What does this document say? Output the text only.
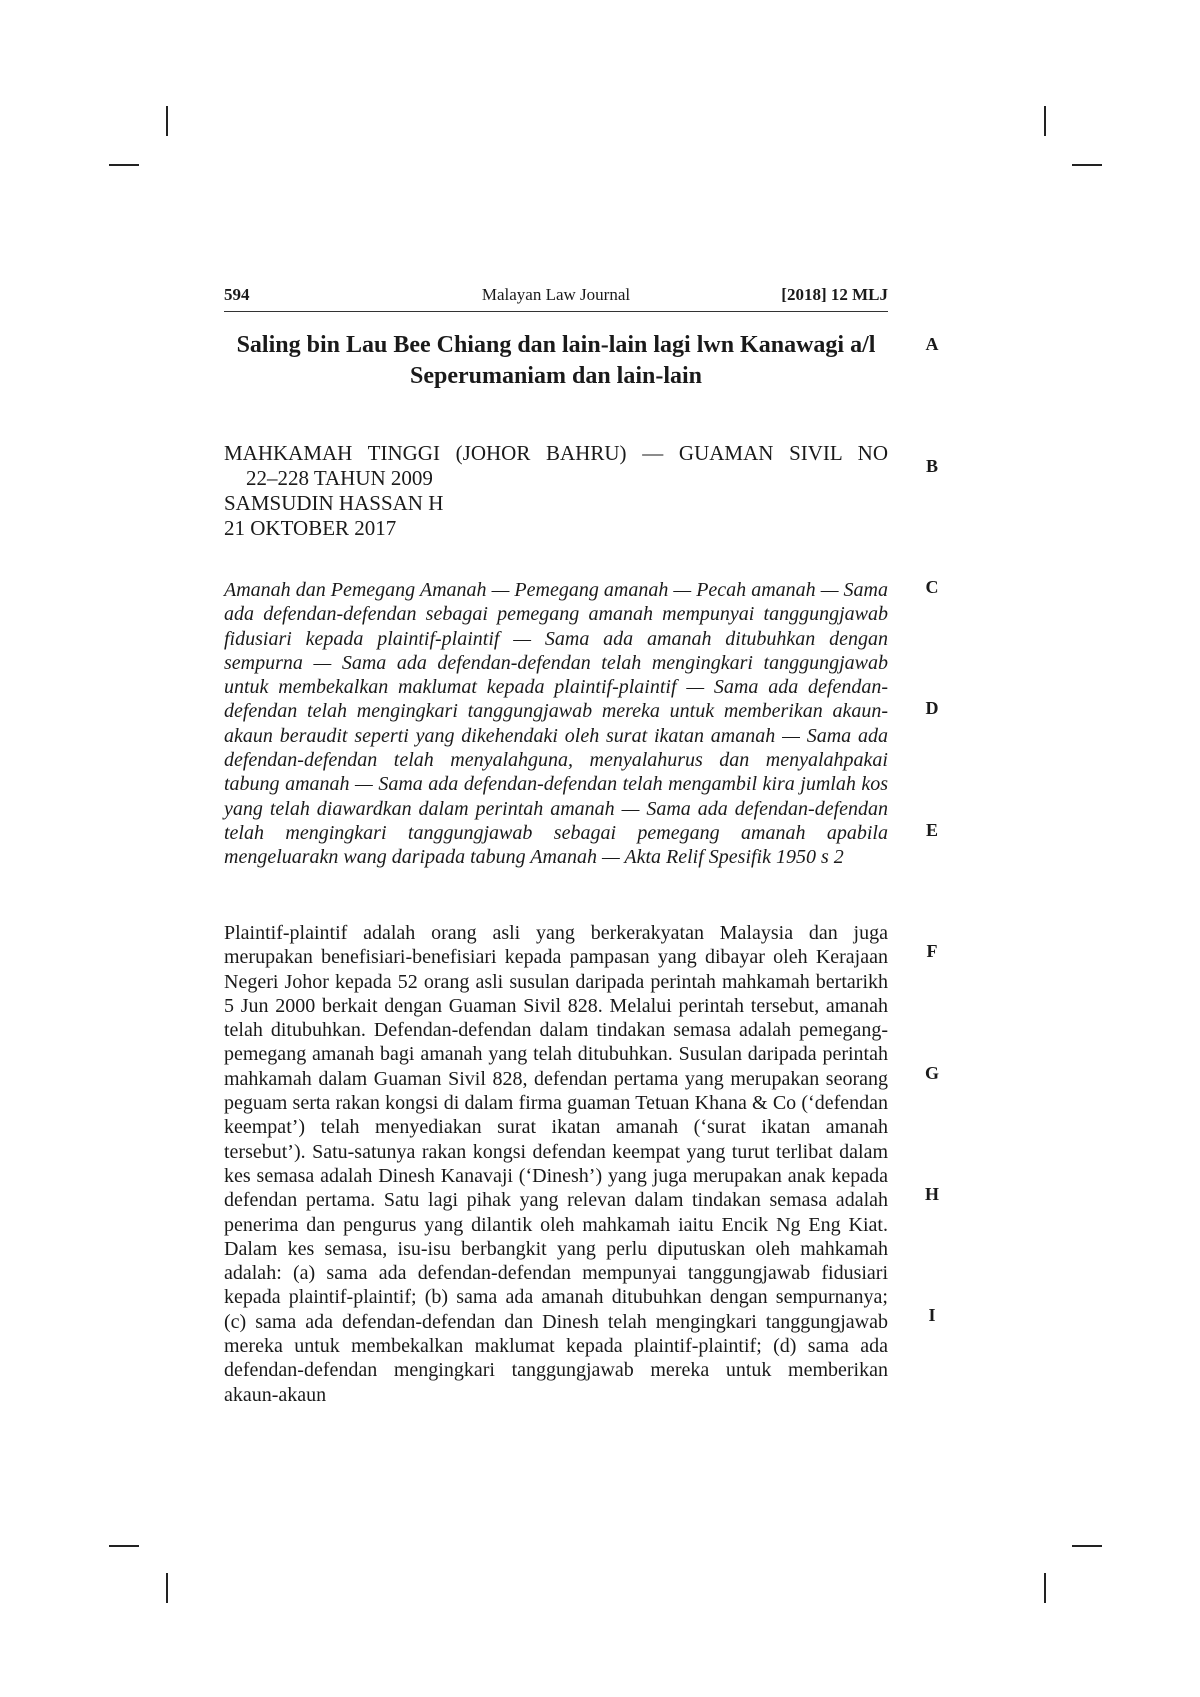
Malayan Law Journal
594	[2018] 12 MLJ
Saling bin Lau Bee Chiang dan lain-lain lagi lwn Kanawagi a/l Seperumaniam dan lain-lain
MAHKAMAH TINGGI (JOHOR BAHRU) — GUAMAN SIVIL NO
22–228 TAHUN 2009
SAMSUDIN HASSAN H
21 OKTOBER 2017

Amanah dan Pemegang Amanah — Pemegang amanah — Pecah amanah — Sama ada defendan-defendan sebagai pemegang amanah mempunyai tanggungjawab fidusiari kepada plaintif-plaintif — Sama ada amanah ditubuhkan dengan sempurna — Sama ada defendan-defendan telah mengingkari tanggungjawab untuk membekalkan maklumat kepada plaintif-plaintif — Sama ada defendan-defendan telah mengingkari tanggungjawab mereka untuk memberikan akaun-akaun beraudit seperti yang dikehendaki oleh surat ikatan amanah — Sama ada defendan-defendan telah menyalahguna, menyalahurus dan menyalahpakai tabung amanah — Sama ada defendan-defendan telah mengambil kira jumlah kos yang telah diawardkan dalam perintah amanah — Sama ada defendan-defendan telah mengingkari tanggungjawab sebagai pemegang amanah apabila mengeluarakn wang daripada tabung Amanah — Akta Relif Spesifik 1950 s 2

Plaintif-plaintif adalah orang asli yang berkerakyatan Malaysia dan juga merupakan benefisiari-benefisiari kepada pampasan yang dibayar oleh Kerajaan Negeri Johor kepada 52 orang asli susulan daripada perintah mahkamah bertarikh 5 Jun 2000 berkait dengan Guaman Sivil 828. Melalui perintah tersebut, amanah telah ditubuhkan. Defendan-defendan dalam tindakan semasa adalah pemegang-pemegang amanah bagi amanah yang telah ditubuhkan. Susulan daripada perintah mahkamah dalam Guaman Sivil 828, defendan pertama yang merupakan seorang peguam serta rakan kongsi di dalam firma guaman Tetuan Khana & Co (‘defendan keempat’) telah menyediakan surat ikatan amanah (‘surat ikatan amanah tersebut’). Satu-satunya rakan kongsi defendan keempat yang turut terlibat dalam kes semasa adalah Dinesh Kanavaji (‘Dinesh’) yang juga merupakan anak kepada defendan pertama. Satu lagi pihak yang relevan dalam tindakan semasa adalah penerima dan pengurus yang dilantik oleh mahkamah iaitu Encik Ng Eng Kiat. Dalam kes semasa, isu-isu berbangkit yang perlu diputuskan oleh mahkamah adalah: (a) sama ada defendan-defendan mempunyai tanggungjawab fidusiari kepada plaintif-plaintif; (b) sama ada amanah ditubuhkan dengan sempurnanya; (c) sama ada defendan-defendan dan Dinesh telah mengingkari tanggungjawab mereka untuk membekalkan maklumat kepada plaintif-plaintif; (d) sama ada defendan-defendan mengingkari tanggungjawab mereka untuk memberikan akaun-akaun

A
B
C
D
E
F
G
H
I
